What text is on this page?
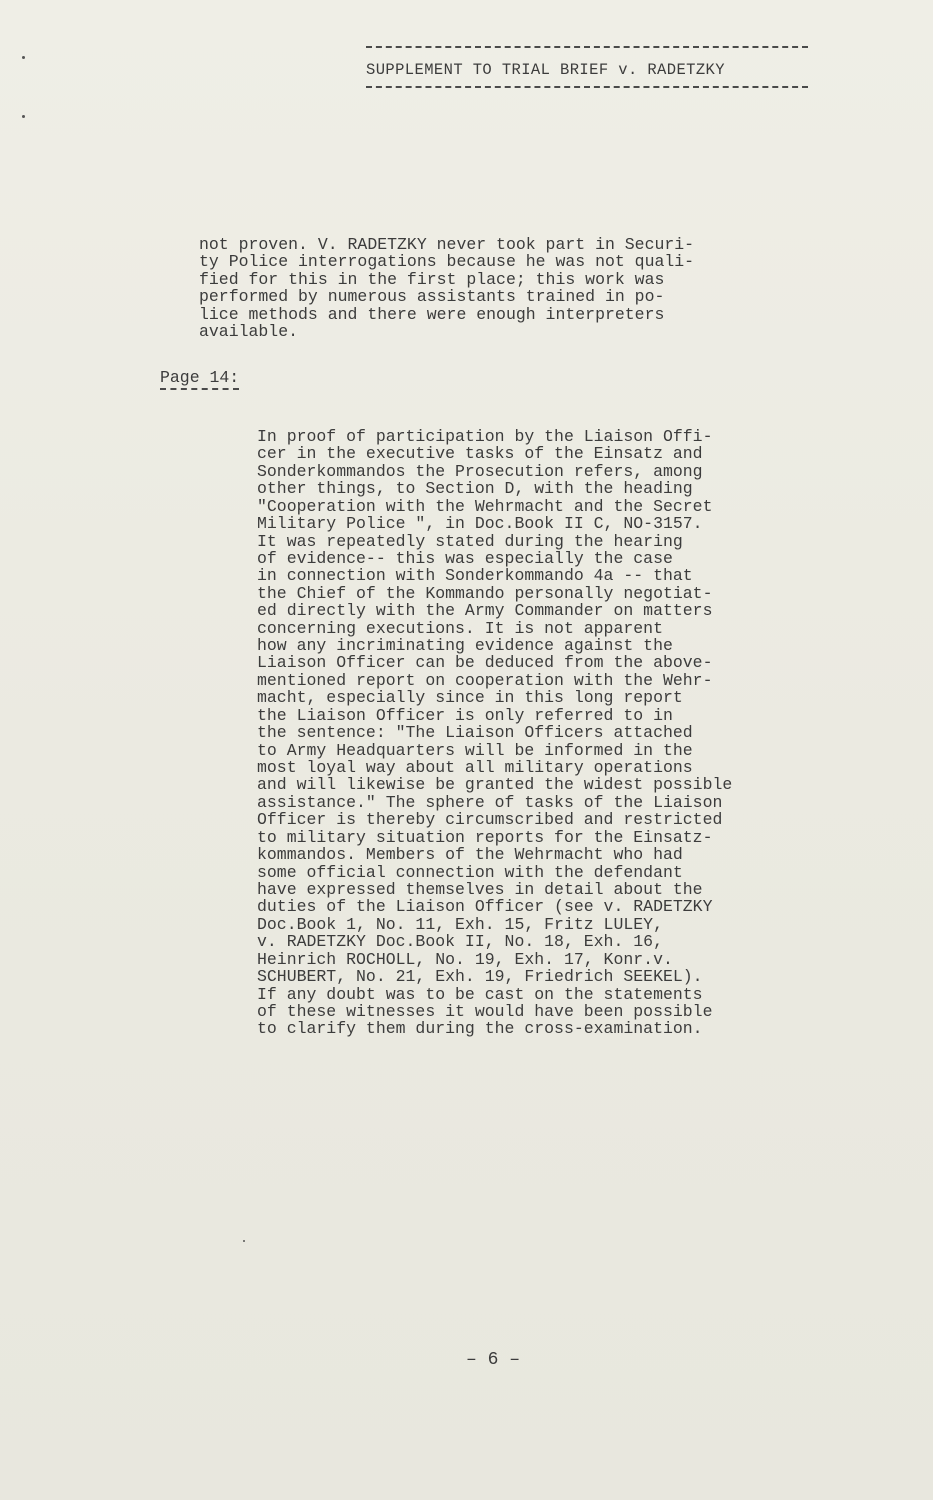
SUPPLEMENT TO TRIAL BRIEF v. RADETZKY
not proven. V. RADETZKY never took part in Securi-
ty Police interrogations because he was not quali-
fied for this in the first place; this work was
performed by numerous assistants trained in po-
lice methods and there were enough interpreters
available.
Page 14:
In proof of participation by the Liaison Offi-
cer in the executive tasks of the Einsatz and
Sonderkommandos the Prosecution refers, among
other things, to Section D, with the heading
"Cooperation with the Wehrmacht and the Secret
Military Police ", in Doc.Book II C, NO-3157.
It was repeatedly stated during the hearing
of evidence-- this was especially the case
in connection with Sonderkommando 4a -- that
the Chief of the Kommando personally negotiat-
ed directly with the Army Commander on matters
concerning executions. It is not apparent
how any incriminating evidence against the
Liaison Officer can be deduced from the above-
mentioned report on cooperation with the Wehr-
macht, especially since in this long report
the Liaison Officer is only referred to in
the sentence: "The Liaison Officers attached
to Army Headquarters will be informed in the
most loyal way about all military operations
and will likewise be granted the widest possible
assistance." The sphere of tasks of the Liaison
Officer is thereby circumscribed and restricted
to military situation reports for the Einsatz-
kommandos. Members of the Wehrmacht who had
some official connection with the defendant
have expressed themselves in detail about the
duties of the Liaison Officer (see v. RADETZKY
Doc.Book 1, No. 11, Exh. 15, Fritz LULEY,
v. RADETZKY Doc.Book II, No. 18, Exh. 16,
Heinrich ROCHOLL, No. 19, Exh. 17, Konr.v.
SCHUBERT, No. 21, Exh. 19, Friedrich SEEKEL).
If any doubt was to be cast on the statements
of these witnesses it would have been possible
to clarify them during the cross-examination.
– 6 –
